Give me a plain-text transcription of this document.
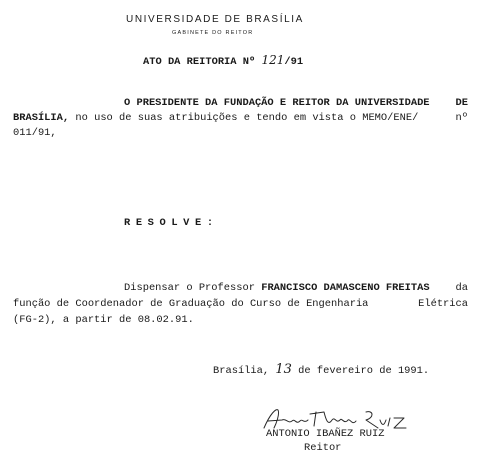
UNIVERSIDADE DE BRASÍLIA
GABINETE DO REITOR
ATO DA REITORIA Nº 121/91
O PRESIDENTE DA FUNDAÇÃO E REITOR DA UNIVERSIDADE DE
BRASÍLIA, no uso de suas atribuições e tendo em vista o MEMO/ENE/	nº
011/91,
RESOLVE:
Dispensar o Professor FRANCISCO DAMASCENO FREITAS da
função de Coordenador de Graduação do Curso de Engenharia	Elétrica
(FG-2), a partir de 08.02.91.
Brasília, 13 de fevereiro de 1991.
ANTONIO IBAÑEZ RUIZ
Reitor
